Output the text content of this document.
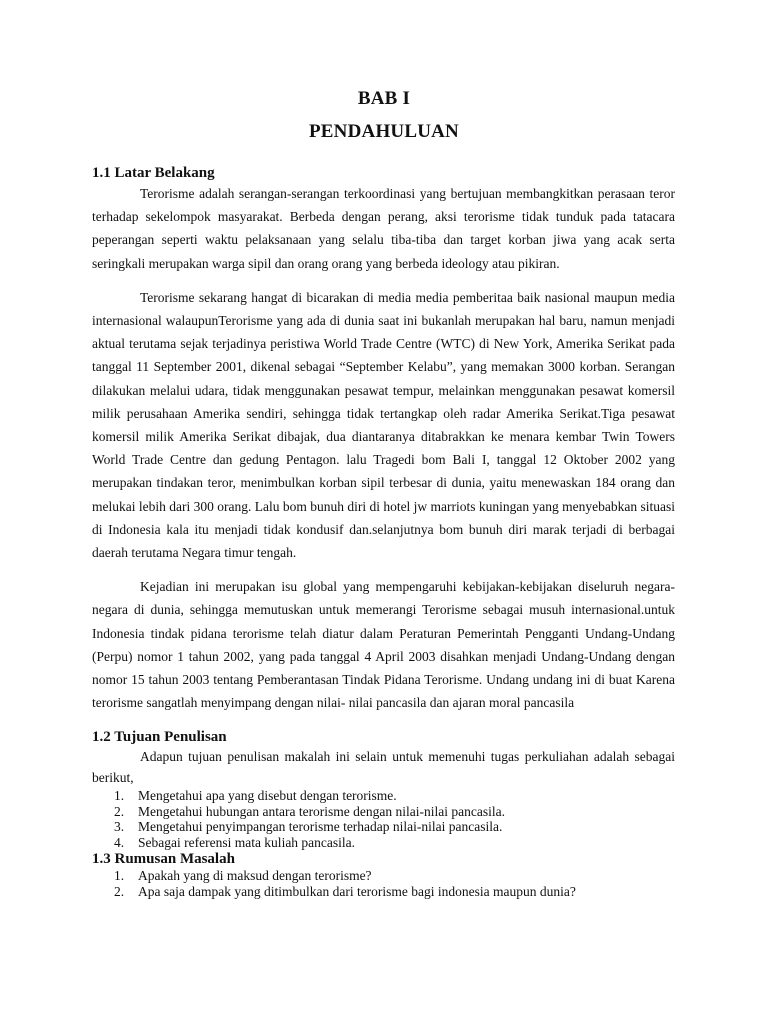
BAB I
PENDAHULUAN
1.1 Latar Belakang

Terorisme adalah serangan-serangan terkoordinasi yang bertujuan membangkitkan perasaan teror terhadap sekelompok masyarakat. Berbeda dengan perang, aksi terorisme tidak tunduk pada tatacara peperangan seperti waktu pelaksanaan yang selalu tiba-tiba dan target korban jiwa yang acak serta seringkali merupakan warga sipil dan orang orang yang berbeda ideology atau pikiran.

Terorisme sekarang hangat di bicarakan di media media pemberitaa baik nasional maupun media internasional walaupunTerorisme yang ada di dunia saat ini bukanlah merupakan hal baru, namun menjadi aktual terutama sejak terjadinya peristiwa World Trade Centre (WTC) di New York, Amerika Serikat pada tanggal 11 September 2001, dikenal sebagai “September Kelabu”, yang memakan 3000 korban. Serangan dilakukan melalui udara, tidak menggunakan pesawat tempur, melainkan menggunakan pesawat komersil milik perusahaan Amerika sendiri, sehingga tidak tertangkap oleh radar Amerika Serikat.Tiga pesawat komersil milik Amerika Serikat dibajak, dua diantaranya ditabrakkan ke menara kembar Twin Towers World Trade Centre dan gedung Pentagon. lalu Tragedi bom Bali I, tanggal 12 Oktober 2002 yang merupakan tindakan teror, menimbulkan korban sipil terbesar di dunia, yaitu menewaskan 184 orang dan melukai lebih dari 300 orang. Lalu bom bunuh diri di hotel jw marriots kuningan yang menyebabkan situasi di Indonesia kala itu menjadi tidak kondusif dan.selanjutnya bom bunuh diri marak terjadi di berbagai daerah terutama Negara timur tengah.

Kejadian ini merupakan isu global yang mempengaruhi kebijakan-kebijakan diseluruh negara-negara di dunia, sehingga memutuskan untuk memerangi Terorisme sebagai musuh internasional.untuk Indonesia tindak pidana terorisme telah diatur dalam Peraturan Pemerintah Pengganti Undang-Undang (Perpu) nomor 1 tahun 2002, yang pada tanggal 4 April 2003 disahkan menjadi Undang-Undang dengan nomor 15 tahun 2003 tentang Pemberantasan Tindak Pidana Terorisme. Undang undang ini di buat Karena terorisme sangatlah menyimpang dengan nilai- nilai pancasila dan ajaran moral pancasila

1.2 Tujuan Penulisan

Adapun tujuan penulisan makalah ini selain untuk memenuhi tugas perkuliahan adalah sebagai berikut,

1. Mengetahui apa yang disebut dengan terorisme.
2. Mengetahui hubungan antara terorisme dengan nilai-nilai pancasila.
3. Mengetahui penyimpangan terorisme terhadap nilai-nilai pancasila.
4. Sebagai referensi mata kuliah pancasila.
1.3 Rumusan Masalah
1. Apakah yang di maksud dengan terorisme?
2. Apa saja dampak yang ditimbulkan dari terorisme bagi indonesia maupun dunia?
